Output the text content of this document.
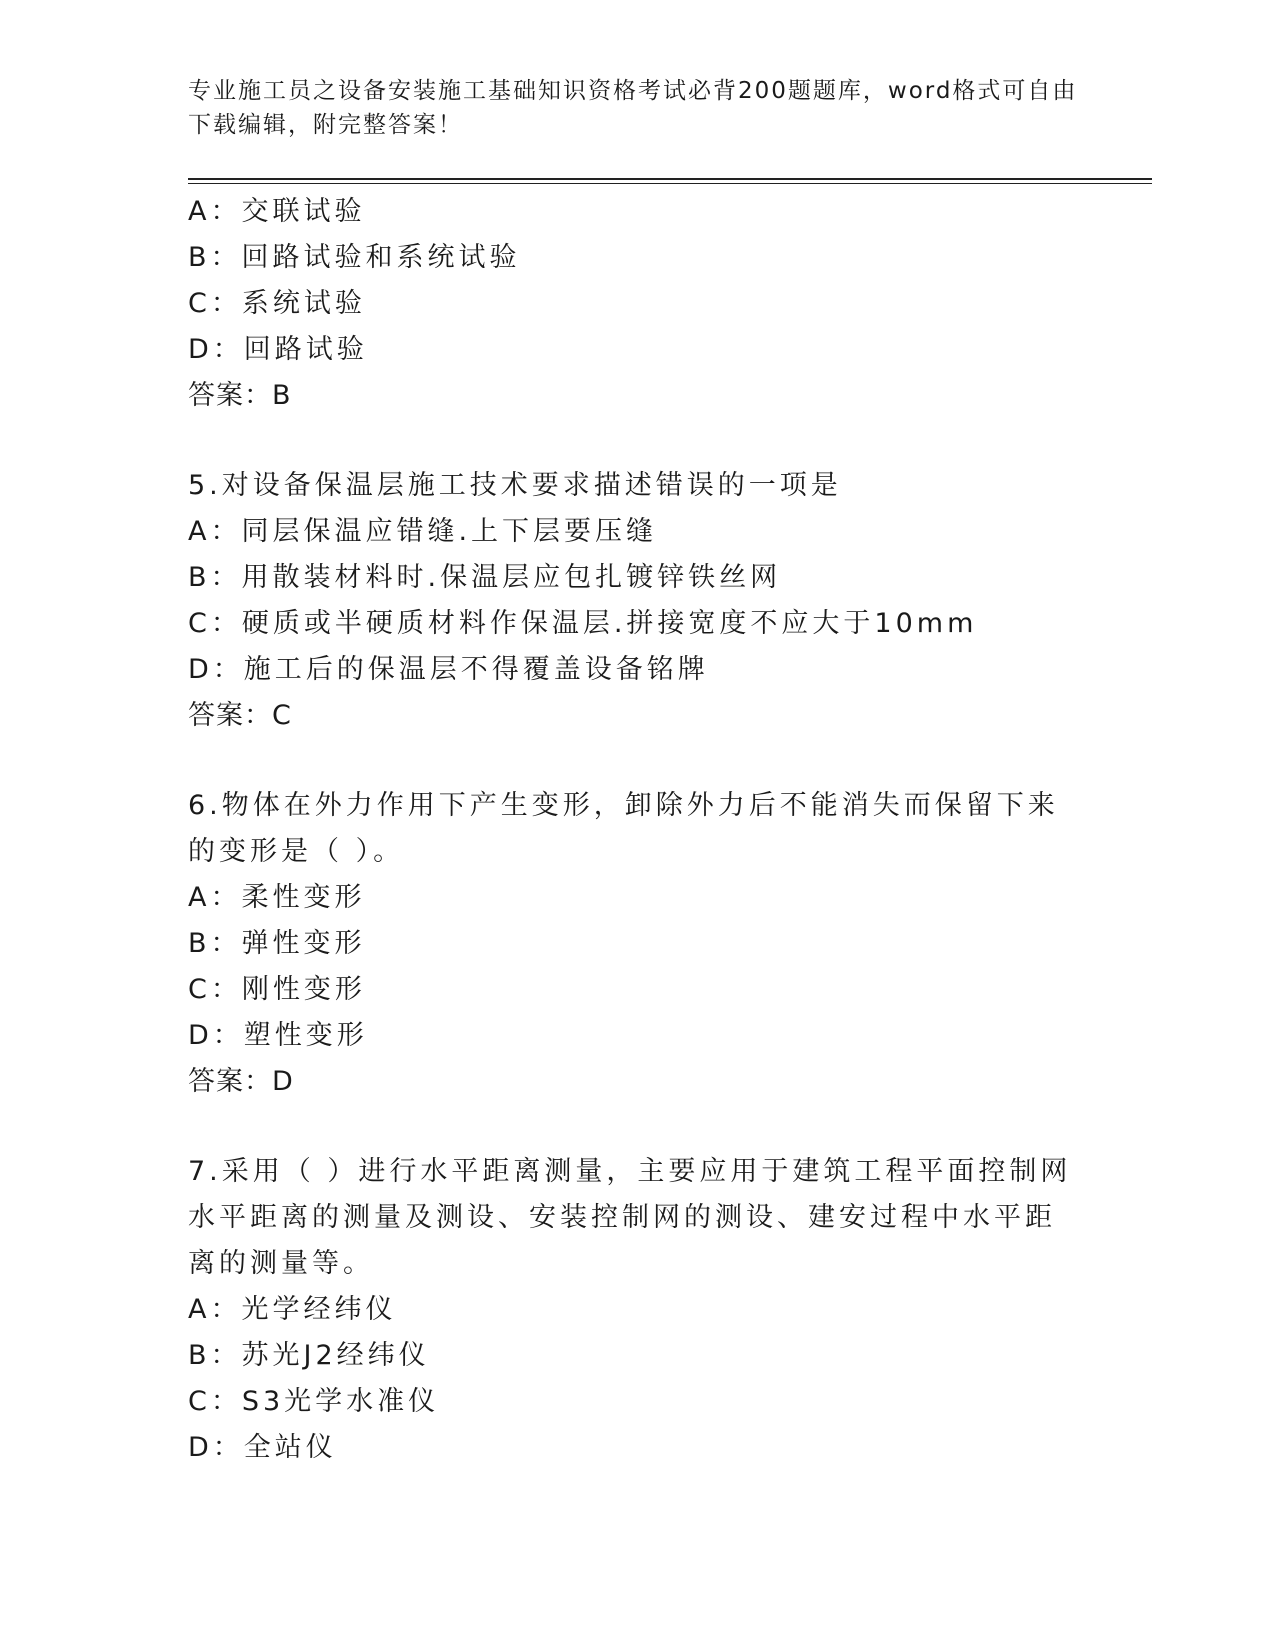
专业施工员之设备安装施工基础知识资格考试必背200题题库，word格式可自由下载编辑，附完整答案！
A：交联试验
B：回路试验和系统试验
C：系统试验
D：回路试验
答案：B
5.对设备保温层施工技术要求描述错误的一项是
A：同层保温应错缝.上下层要压缝
B：用散装材料时.保温层应包扎镀锌铁丝网
C：硬质或半硬质材料作保温层.拼接宽度不应大于10mm
D：施工后的保温层不得覆盖设备铭牌
答案：C
6.物体在外力作用下产生变形，卸除外力后不能消失而保留下来的变形是（ ）。
A：柔性变形
B：弹性变形
C：刚性变形
D：塑性变形
答案：D
7.采用（ ）进行水平距离测量，主要应用于建筑工程平面控制网水平距离的测量及测设、安装控制网的测设、建安过程中水平距离的测量等。
A：光学经纬仪
B：苏光J2经纬仪
C：S3光学水准仪
D：全站仪
